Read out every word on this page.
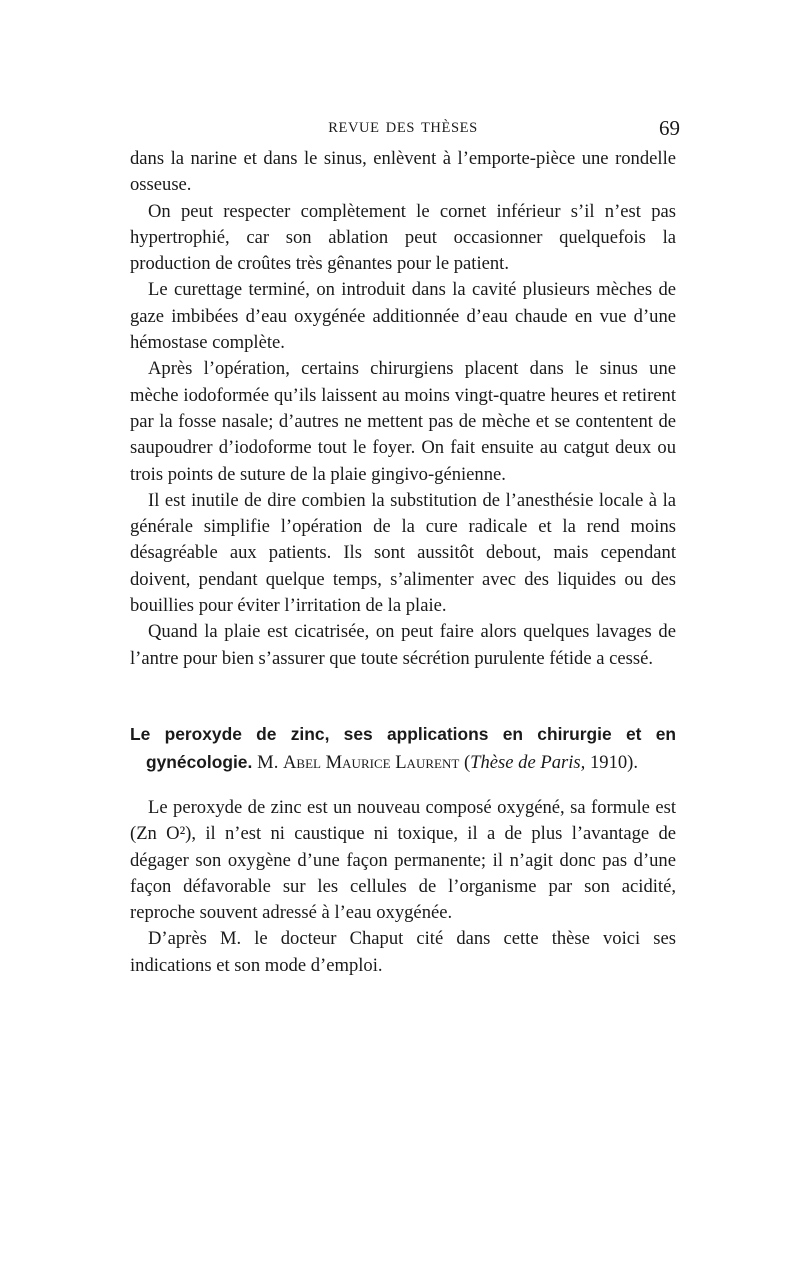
REVUE DES THÈSES	69

dans la narine et dans le sinus, enlèvent à l’emporte-pièce une rondelle osseuse.

On peut respecter complètement le cornet inférieur s’il n’est pas hypertrophié, car son ablation peut occasionner quelquefois la production de croûtes très gênantes pour le patient.

Le curettage terminé, on introduit dans la cavité plusieurs mèches de gaze imbibées d’eau oxygénée additionnée d’eau chaude en vue d’une hémostase complète.

Après l’opération, certains chirurgiens placent dans le sinus une mèche iodoformée qu’ils laissent au moins vingt-quatre heures et retirent par la fosse nasale; d’autres ne mettent pas de mèche et se contentent de saupoudrer d’iodoforme tout le foyer. On fait ensuite au catgut deux ou trois points de suture de la plaie gingivo-génienne.

Il est inutile de dire combien la substitution de l’anesthésie locale à la générale simplifie l’opération de la cure radicale et la rend moins désagréable aux patients. Ils sont aussitôt debout, mais cependant doivent, pendant quelque temps, s’alimenter avec des liquides ou des bouillies pour éviter l’irritation de la plaie.

Quand la plaie est cicatrisée, on peut faire alors quelques lavages de l’antre pour bien s’assurer que toute sécrétion purulente fétide a cessé.

Le peroxyde de zinc, ses applications en chirurgie et en gynécologie. M. Abel Maurice Laurent (Thèse de Paris, 1910).

Le peroxyde de zinc est un nouveau composé oxygéné, sa formule est (Zn O²), il n’est ni caustique ni toxique, il a de plus l’avantage de dégager son oxygène d’une façon permanente; il n’agit donc pas d’une façon défavorable sur les cellules de l’organisme par son acidité, reproche souvent adressé à l’eau oxygénée.

D’après M. le docteur Chaput cité dans cette thèse voici ses indications et son mode d’emploi.
